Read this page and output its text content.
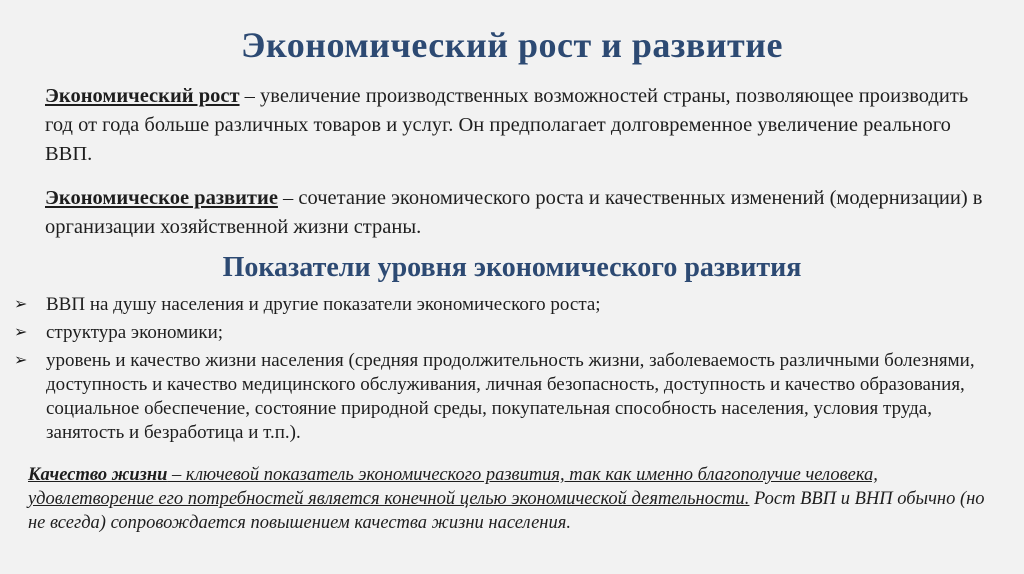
Экономический рост и развитие
Экономический рост – увеличение производственных возможностей страны, позволяющее производить год от года больше различных товаров и услуг. Он предполагает долговременное увеличение реального ВВП.
Экономическое развитие – сочетание экономического роста и качественных изменений (модернизации) в организации хозяйственной жизни страны.
Показатели уровня экономического развития
➢ ВВП на душу населения и другие показатели экономического роста;
➢ структура экономики;
➢ уровень и качество жизни населения (средняя продолжительность жизни, заболеваемость различными болезнями, доступность и качество медицинского обслуживания, личная безопасность, доступность и качество образования, социальное обеспечение, состояние природной среды, покупательная способность населения, условия труда, занятость и безработица и т.п.).
Качество жизни – ключевой показатель экономического развития, так как именно благополучие человека, удовлетворение его потребностей является конечной целью экономической деятельности. Рост ВВП и ВНП обычно (но не всегда) сопровождается повышением качества жизни населения.
